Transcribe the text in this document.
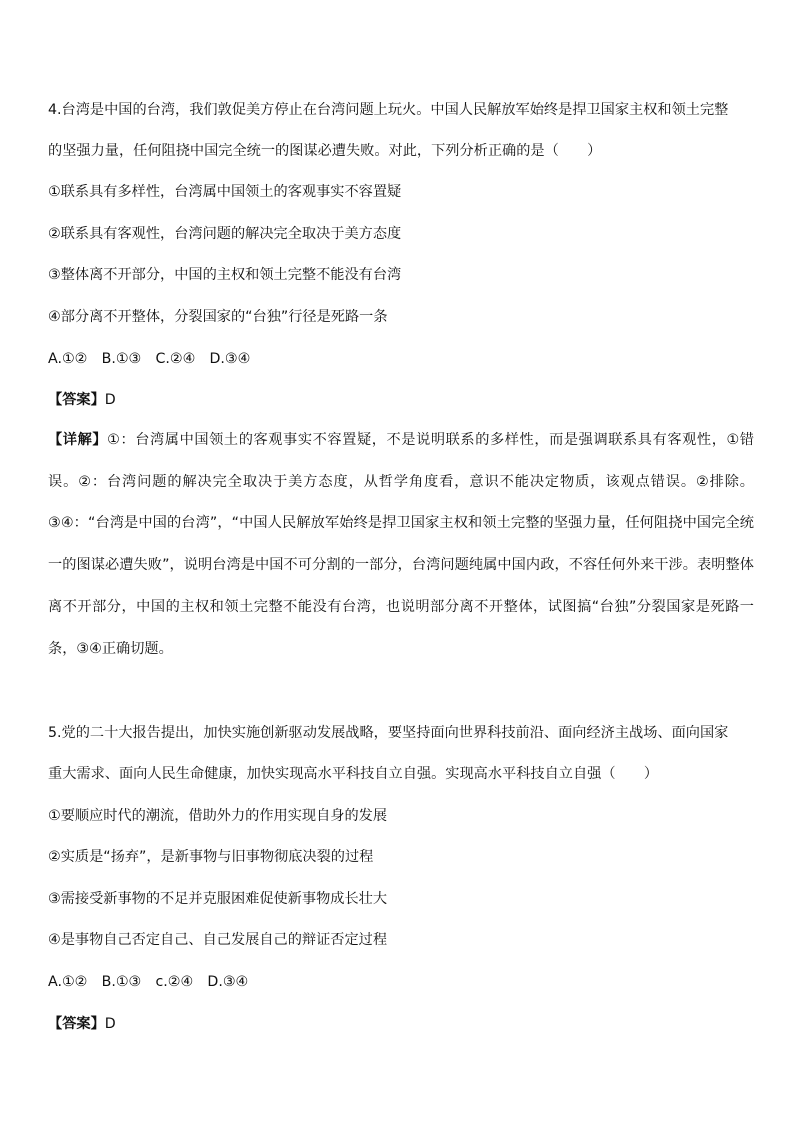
4.台湾是中国的台湾，我们敦促美方停止在台湾问题上玩火。中国人民解放军始终是捍卫国家主权和领土完整
的坚强力量，任何阻挠中国完全统一的图谋必遭失败。对此，下列分析正确的是（　　）
①联系具有多样性，台湾属中国领土的客观事实不容置疑
②联系具有客观性，台湾问题的解决完全取决于美方态度
③整体离不开部分，中国的主权和领土完整不能没有台湾
④部分离不开整体，分裂国家的“台独”行径是死路一条
A.①②　B.①③　C.②④　D.③④
【答案】D
【详解】①：台湾属中国领土的客观事实不容置疑，不是说明联系的多样性，而是强调联系具有客观性，①错误。②：台湾问题的解决完全取决于美方态度，从哲学角度看，意识不能决定物质，该观点错误。②排除。③④：“台湾是中国的台湾”，“中国人民解放军始终是捍卫国家主权和领土完整的坚强力量，任何阻挠中国完全统一的图谋必遭失败”，说明台湾是中国不可分割的一部分，台湾问题纯属中国内政，不容任何外来干涉。表明整体离不开部分，中国的主权和领土完整不能没有台湾，也说明部分离不开整体，试图搞“台独”分裂国家是死路一条，③④正确切题。
5.党的二十大报告提出，加快实施创新驱动发展战略，要坚持面向世界科技前沿、面向经济主战场、面向国家
重大需求、面向人民生命健康，加快实现高水平科技自立自强。实现高水平科技自立自强（　　）
①要顺应时代的潮流，借助外力的作用实现自身的发展
②实质是“扬弃”，是新事物与旧事物彻底决裂的过程
③需接受新事物的不足并克服困难促使新事物成长壮大
④是事物自己否定自己、自己发展自己的辩证否定过程
A.①②　B.①③　c.②④　D.③④
【答案】D
